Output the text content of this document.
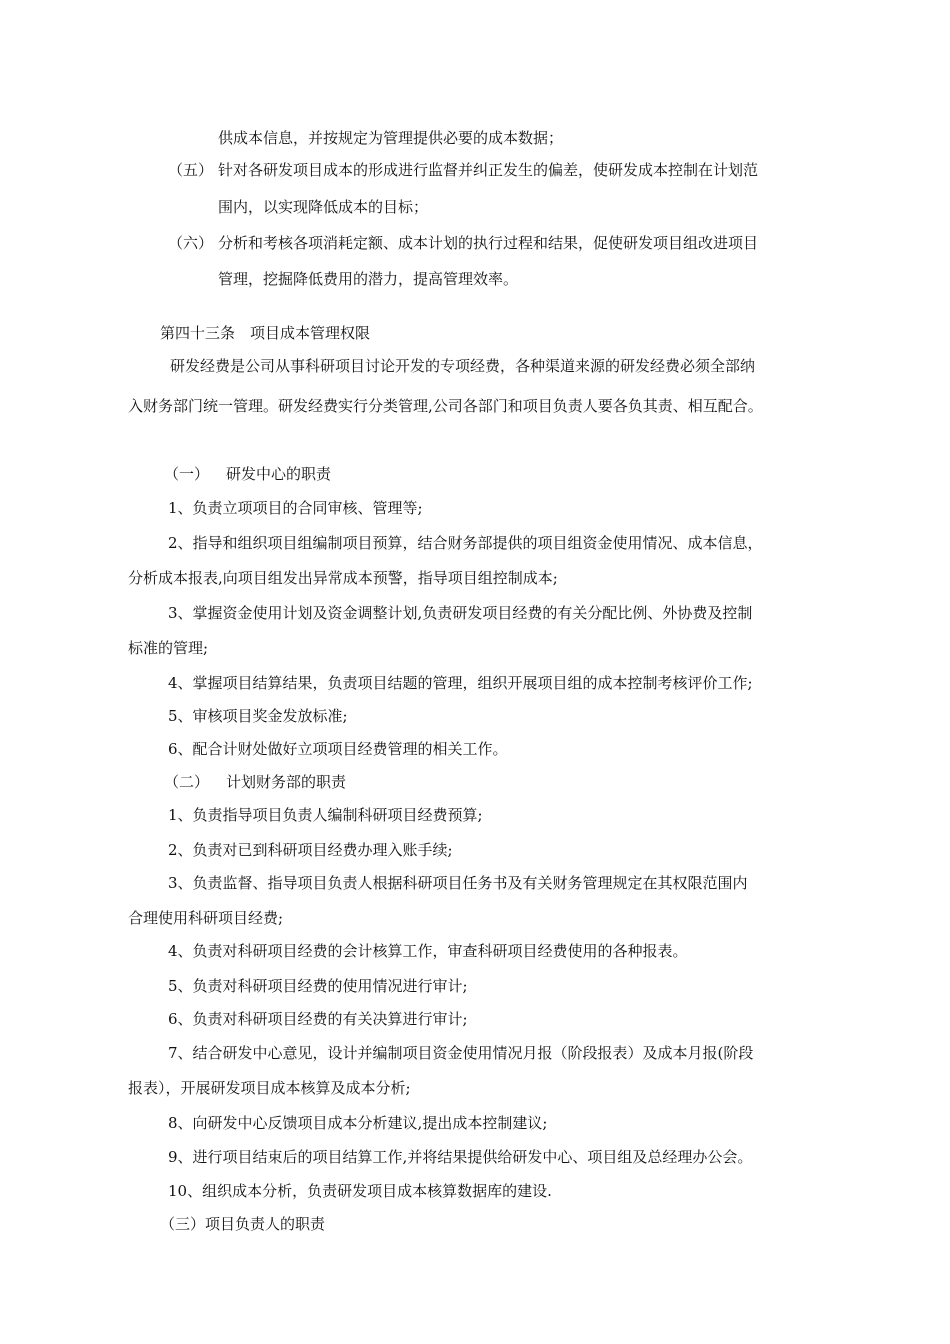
供成本信息，并按规定为管理提供必要的成本数据；
（五） 针对各研发项目成本的形成进行监督并纠正发生的偏差，使研发成本控制在计划范
围内，以实现降低成本的目标；
（六） 分析和考核各项消耗定额、成本计划的执行过程和结果，促使研发项目组改进项目
管理，挖掘降低费用的潜力，提高管理效率。
第四十三条　项目成本管理权限
研发经费是公司从事科研项目讨论开发的专项经费，各种渠道来源的研发经费必须全部纳
入财务部门统一管理。研发经费实行分类管理,公司各部门和项目负责人要各负其责、相互配合。
（一） 研发中心的职责
1、负责立项项目的合同审核、管理等;
2、指导和组织项目组编制项目预算，结合财务部提供的项目组资金使用情况、成本信息，
分析成本报表,向项目组发出异常成本预警，指导项目组控制成本;
3、掌握资金使用计划及资金调整计划,负责研发项目经费的有关分配比例、外协费及控制
标准的管理;
4、掌握项目结算结果，负责项目结题的管理，组织开展项目组的成本控制考核评价工作;
5、审核项目奖金发放标准;
6、配合计财处做好立项项目经费管理的相关工作。
（二） 计划财务部的职责
1、负责指导项目负责人编制科研项目经费预算;
2、负责对已到科研项目经费办理入账手续;
3、负责监督、指导项目负责人根据科研项目任务书及有关财务管理规定在其权限范围内
合理使用科研项目经费;
4、负责对科研项目经费的会计核算工作，审查科研项目经费使用的各种报表。
5、负责对科研项目经费的使用情况进行审计;
6、负责对科研项目经费的有关决算进行审计;
7、结合研发中心意见，设计并编制项目资金使用情况月报（阶段报表）及成本月报(阶段
报表），开展研发项目成本核算及成本分析;
8、向研发中心反馈项目成本分析建议,提出成本控制建议;
9、进行项目结束后的项目结算工作,并将结果提供给研发中心、项目组及总经理办公会。
10、组织成本分析，负责研发项目成本核算数据库的建设.
（三）项目负责人的职责
